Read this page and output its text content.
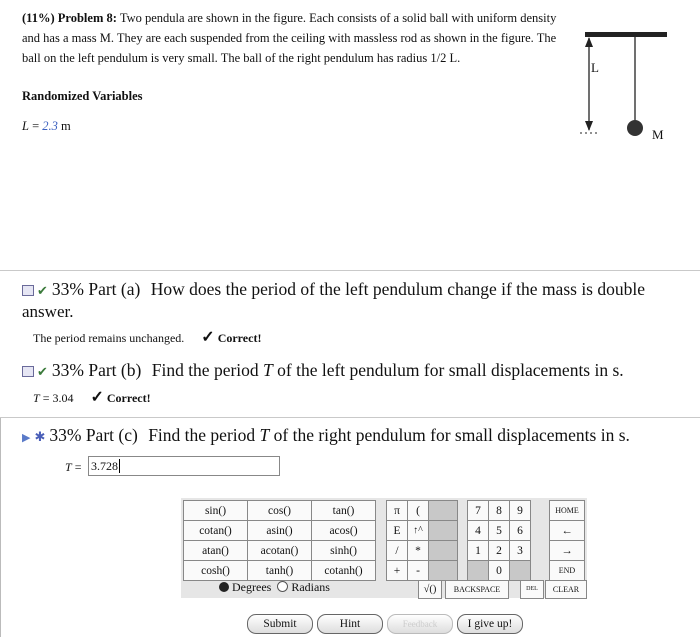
(11%) Problem 8: Two pendula are shown in the figure. Each consists of a solid ball with uniform density and has a mass M. They are each suspended from the ceiling with massless rod as shown in the figure. The ball on the left pendulum is very small. The ball of the right pendulum has radius 1/2 L.
Randomized Variables
L = 2.3 m
L
M
✔ 33% Part (a) How does the period of the left pendulum change if the mass is double
answer.
The period remains unchanged. ✓ Correct!
✔ 33% Part (b) Find the period T of the left pendulum for small displacements in s.
T = 3.04 ✓ Correct!
▶ ✱ 33% Part (c) Find the period T of the right pendulum for small displacements in s.
T = 3.728
sin()	cos()	tan()
cotan()	asin()	acos()
atan()	acotan()	sinh()
cosh()	tanh()	cotanh()
π	(	
E	↑^	
/	*	
+	-	
7	8	9
4	5	6
1	2	3
	0	
HOME
←
→
END
Degrees Radians	√()	BACKSPACE	DEL	CLEAR
Submit	Hint	Feedback	I give up!
